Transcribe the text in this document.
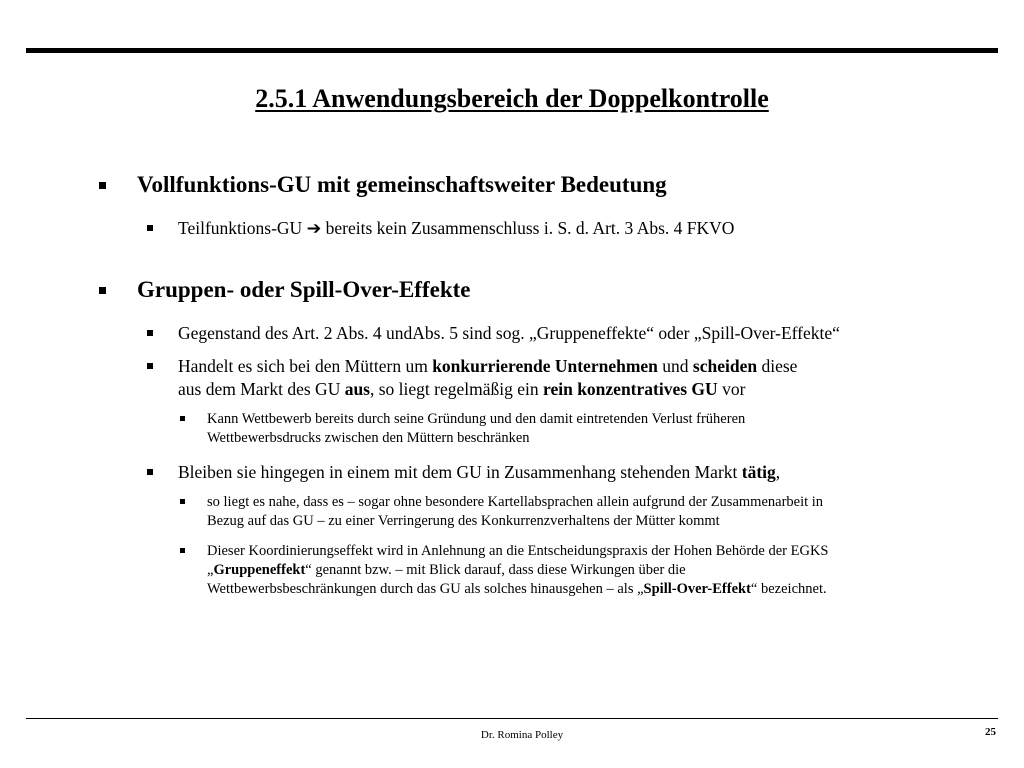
2.5.1 Anwendungsbereich der Doppelkontrolle
Vollfunktions-GU mit gemeinschaftsweiter Bedeutung
Teilfunktions-GU ➔ bereits kein Zusammenschluss i. S. d. Art. 3 Abs. 4 FKVO
Gruppen- oder Spill-Over-Effekte
Gegenstand des Art. 2 Abs. 4 undAbs. 5 sind sog. „Gruppeneffekte“ oder „Spill-Over-Effekte“
Handelt es sich bei den Müttern um konkurrierende Unternehmen und scheiden diese
aus dem Markt des GU aus, so liegt regelmäßig ein rein konzentratives GU vor
Kann Wettbewerb bereits durch seine Gründung und den damit eintretenden Verlust früheren
Wettbewerbsdrucks zwischen den Müttern beschränken
Bleiben sie hingegen in einem mit dem GU in Zusammenhang stehenden Markt tätig,
so liegt es nahe, dass es – sogar ohne besondere Kartellabsprachen allein aufgrund der Zusammenarbeit in
Bezug auf das GU – zu einer Verringerung des Konkurrenzverhaltens der Mütter kommt
Dieser Koordinierungseffekt wird in Anlehnung an die Entscheidungspraxis der Hohen Behörde der EGKS
„Gruppeneffekt“ genannt bzw. – mit Blick darauf, dass diese Wirkungen über die
Wettbewerbsbeschränkungen durch das GU als solches hinausgehen – als „Spill-Over-Effekt“ bezeichnet.
Dr. Romina Polley	25
